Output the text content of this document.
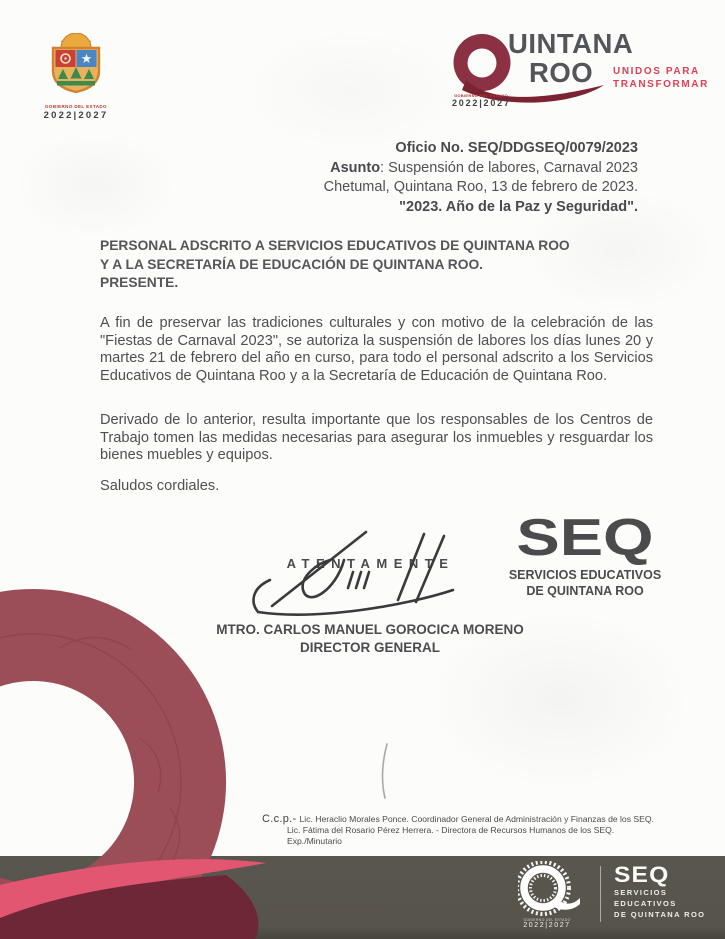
GOBIERNO DEL ESTADO
2022|2027
UINTANA
ROO UNIDOS PARA
TRANSFORMAR
GOBIERNO DEL ESTADO
2022|2027
Oficio No. SEQ/DDGSEQ/0079/2023
Asunto: Suspensión de labores, Carnaval 2023
Chetumal, Quintana Roo, 13 de febrero de 2023.
"2023. Año de la Paz y Seguridad".
PERSONAL ADSCRITO A SERVICIOS EDUCATIVOS DE QUINTANA ROO
Y A LA SECRETARÍA DE EDUCACIÓN DE QUINTANA ROO.
PRESENTE.
A fin de preservar las tradiciones culturales y con motivo de la celebración de las "Fiestas de Carnaval 2023", se autoriza la suspensión de labores los días lunes 20 y martes 21 de febrero del año en curso, para todo el personal adscrito a los Servicios Educativos de Quintana Roo y a la Secretaría de Educación de Quintana Roo.
Derivado de lo anterior, resulta importante que los responsables de los Centros de Trabajo tomen las medidas necesarias para asegurar los inmuebles y resguardar los bienes muebles y equipos.
Saludos cordiales.
ATENTAMENTE	SEQ
SERVICIOS EDUCATIVOS
DE QUINTANA ROO
MTRO. CARLOS MANUEL GOROCICA MORENO
DIRECTOR GENERAL
C.c.p.- Lic. Heraclio Morales Ponce. Coordinador General de Administración y Finanzas de los SEQ.
Lic. Fátima del Rosario Pérez Herrera. - Directora de Recursos Humanos de los SEQ.
Exp./Minutario
GOBIERNO DEL ESTADO
2022|2027
SEQ
SERVICIOS
EDUCATIVOS
DE QUINTANA ROO
